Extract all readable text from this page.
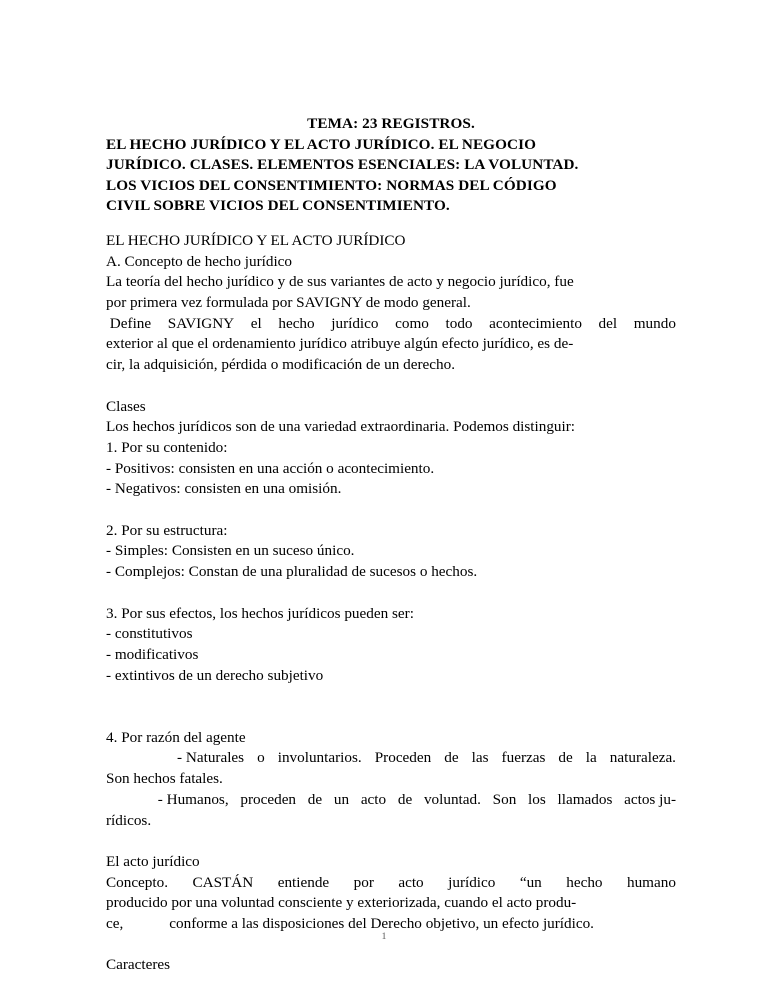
TEMA: 23 REGISTROS.
EL HECHO JURÍDICO Y EL ACTO JURÍDICO. EL NEGOCIO
JURÍDICO. CLASES. ELEMENTOS ESENCIALES: LA VOLUNTAD.
LOS VICIOS DEL CONSENTIMIENTO: NORMAS DEL CÓDIGO
CIVIL SOBRE VICIOS DEL CONSENTIMIENTO.
EL HECHO JURÍDICO Y EL ACTO JURÍDICO
A. Concepto de hecho jurídico
La teoría del hecho jurídico y de sus variantes de acto y negocio jurídico, fue
por primera vez formulada por SAVIGNY de modo general.
Define SAVIGNY el hecho jurídico como todo acontecimiento del mundo
exterior al que el ordenamiento jurídico atribuye algún efecto jurídico, es de-
cir, la adquisición, pérdida o modificación de un derecho.
Clases
Los hechos jurídicos son de una variedad extraordinaria. Podemos distinguir:
1. Por su contenido:
- Positivos: consisten en una acción o acontecimiento.
- Negativos: consisten en una omisión.
2. Por su estructura:
- Simples: Consisten en un suceso único.
- Complejos: Constan de una pluralidad de sucesos o hechos.
3. Por sus efectos, los hechos jurídicos pueden ser:
- constitutivos
- modificativos
- extintivos de un derecho subjetivo
4. Por razón del agente
- Naturales o involuntarios. Proceden de las fuerzas de la naturaleza.
Son hechos fatales.
- Humanos, proceden de un acto de voluntad. Son los llamados actos ju-
rídicos.
El acto jurídico
Concepto. CASTÁN entiende por acto jurídico “un hecho humano
producido por una voluntad consciente y exteriorizada, cuando el acto produ-
ce,	conforme a las disposiciones del Derecho objetivo, un efecto jurídico.
Caracteres
1
